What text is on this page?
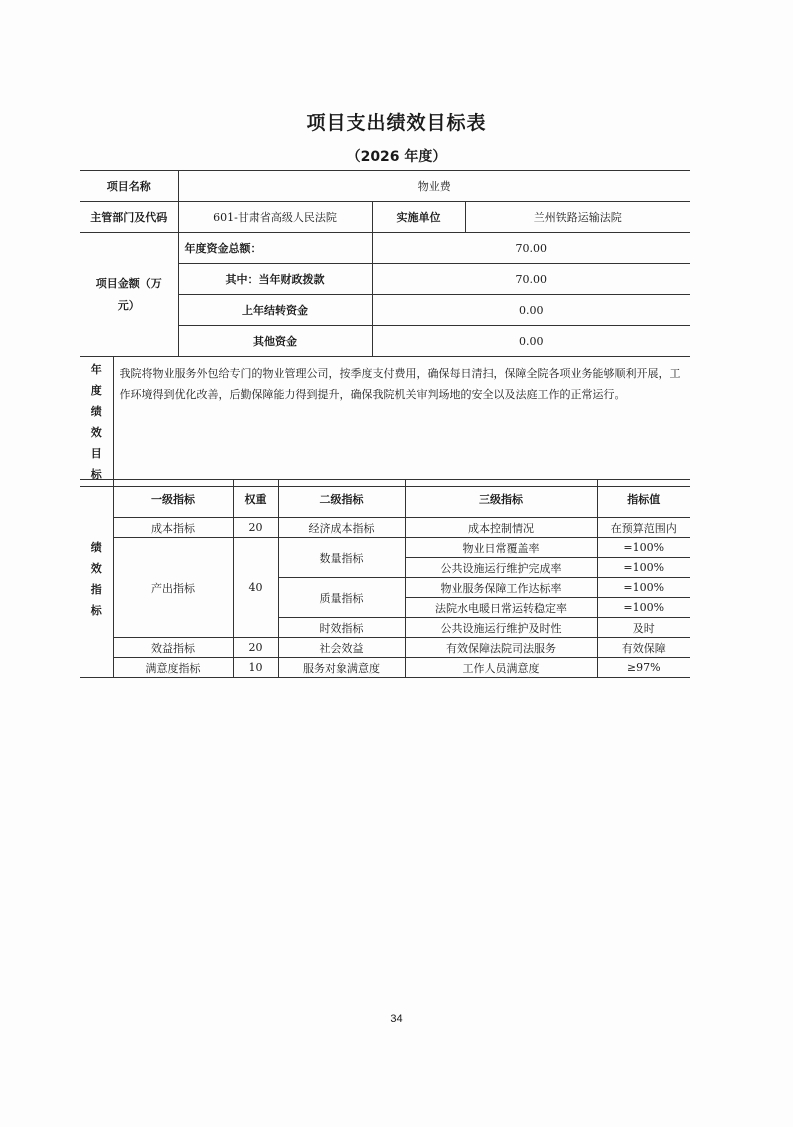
项目支出绩效目标表
（2026 年度）
项目名称	物业费		
主管部门及代码	601-甘肃省高级人民法院	实施单位	兰州铁路运输法院
项目金额（万元）	年度资金总额：	70.00	
	其中：当年财政拨款	70.00	
	上年结转资金	0.00	
	其他资金	0.00	
年度绩效目标	我院将物业服务外包给专门的物业管理公司，按季度支付费用，确保每日清扫，保障全院各项业务能够顺利开展，工作环境得到优化改善，后勤保障能力得到提升，确保我院机关审判场地的安全以及法庭工作的正常运行。
绩效指标	一级指标	权重	二级指标	三级指标	指标值
	成本指标	20	经济成本指标	成本控制情况	在预算范围内
	产出指标	40	数量指标	物业日常覆盖率	=100%
				公共设施运行维护完成率	=100%
			质量指标	物业服务保障工作达标率	=100%
				法院水电暖日常运转稳定率	=100%
			时效指标	公共设施运行维护及时性	及时
	效益指标	20	社会效益	有效保障法院司法服务	有效保障
	满意度指标	10	服务对象满意度	工作人员满意度	≥97%
34
